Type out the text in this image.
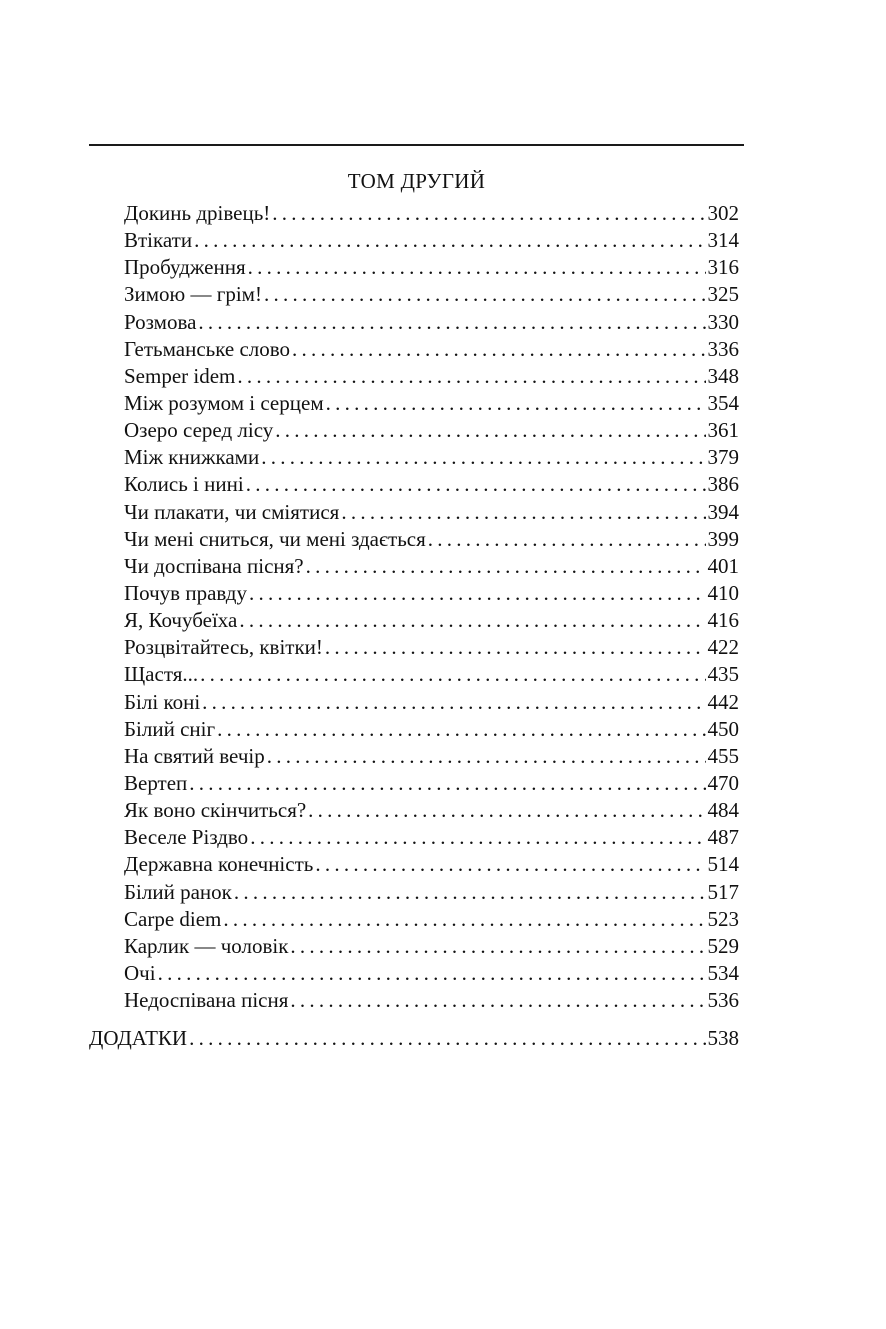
ТОМ ДРУГИЙ
Докинь дрівець! . . .	302
Втікати . . .	314
Пробудження . . .	316
Зимою — грім! . . .	325
Розмова . . .	330
Гетьманське слово . . .	336
Semper idem . . .	348
Між розумом і серцем . . .	354
Озеро серед лісу . . .	361
Між книжками . . .	379
Колись і нині . . .	386
Чи плакати, чи сміятися . . .	394
Чи мені сниться, чи мені здається . . .	399
Чи доспівана пісня? . . .	401
Почув правду . . .	410
Я, Кочубеїха . . .	416
Розцвітайтесь, квітки! . . .	422
Щастя... . . .	435
Білі коні . . .	442
Білий сніг . . .	450
На святий вечір . . .	455
Вертеп . . .	470
Як воно скінчиться? . . .	484
Веселе Різдво . . .	487
Державна конечність . . .	514
Білий ранок . . .	517
Carpe diem . . .	523
Карлик — чоловік . . .	529
Очі . . .	534
Недоспівана пісня . . .	536
ДОДАТКИ . . .	538
